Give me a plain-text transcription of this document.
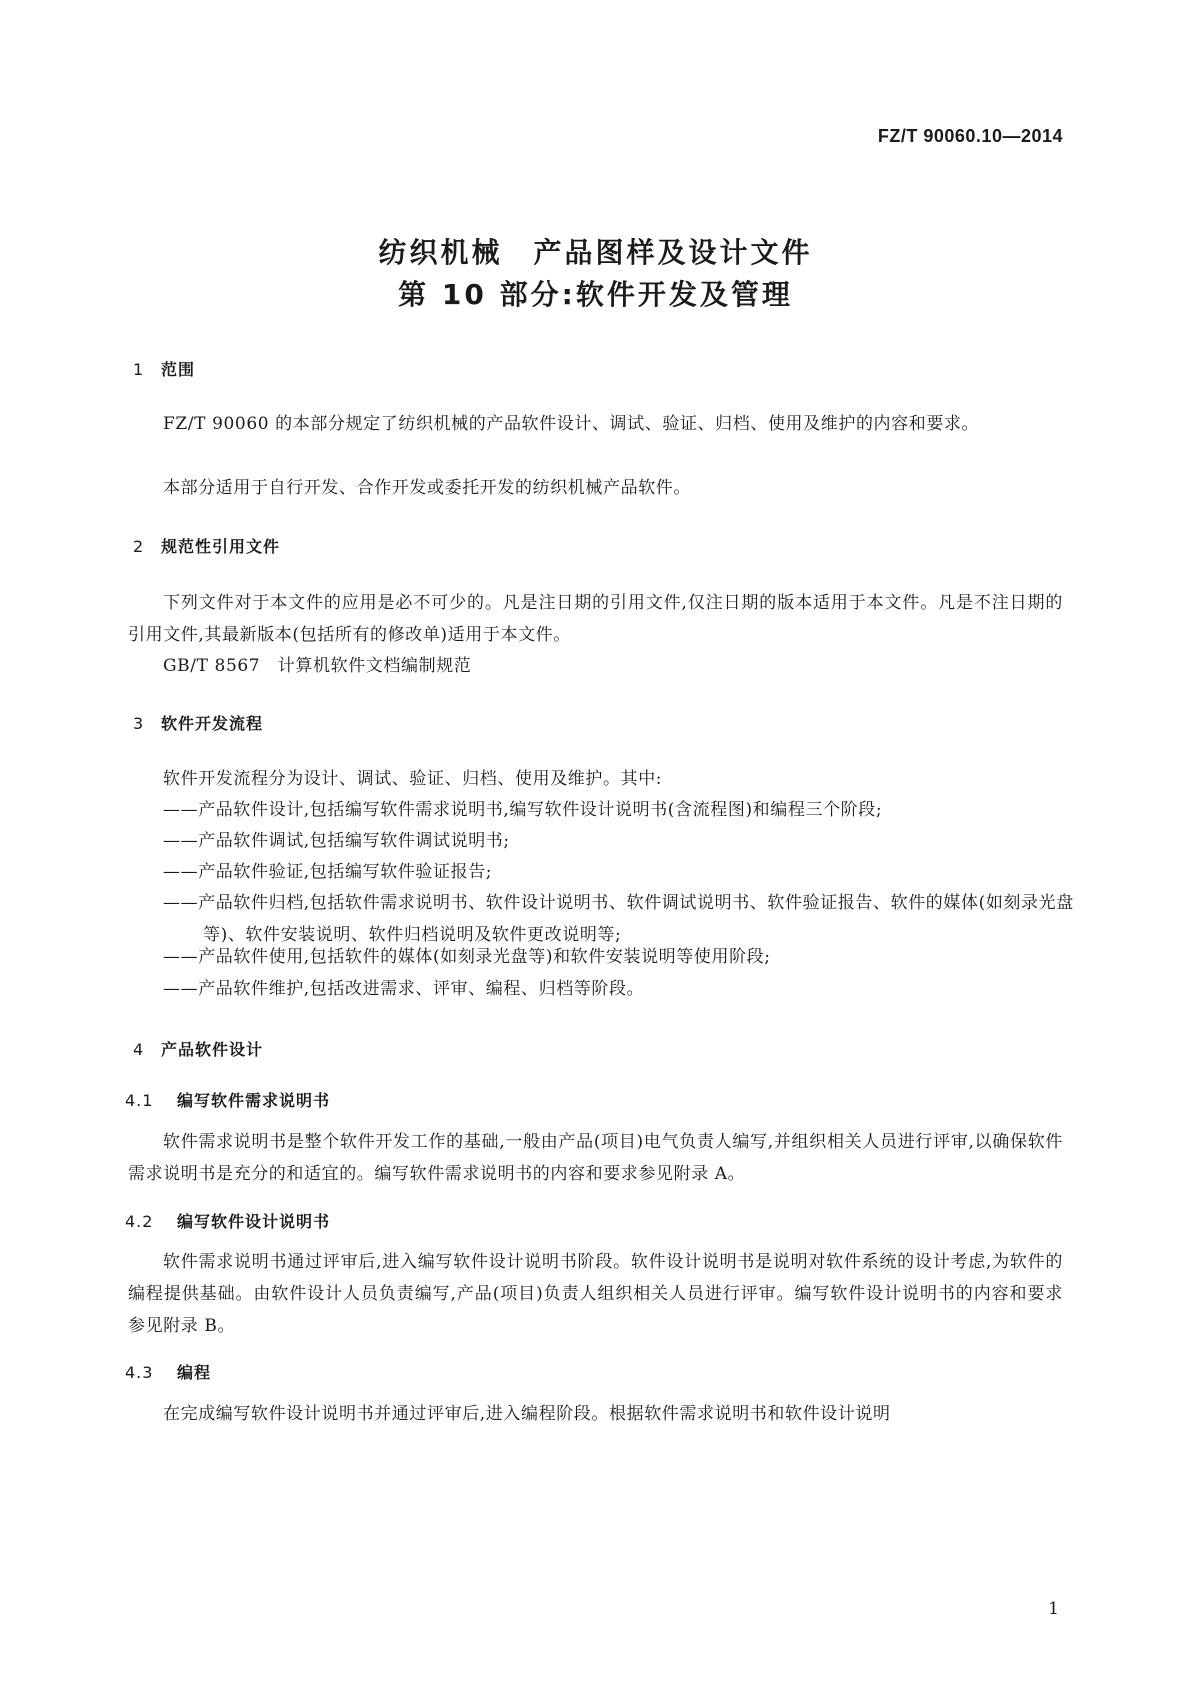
FZ/T 90060.10—2014
纺织机械　产品图样及设计文件
第 10 部分:软件开发及管理
1 范围
FZ/T 90060 的本部分规定了纺织机械的产品软件设计、调试、验证、归档、使用及维护的内容和要求。
本部分适用于自行开发、合作开发或委托开发的纺织机械产品软件。
2 规范性引用文件
下列文件对于本文件的应用是必不可少的。凡是注日期的引用文件,仅注日期的版本适用于本文件。凡是不注日期的引用文件,其最新版本(包括所有的修改单)适用于本文件。
GB/T 8567　计算机软件文档编制规范
3 软件开发流程
软件开发流程分为设计、调试、验证、归档、使用及维护。其中:
——产品软件设计,包括编写软件需求说明书,编写软件设计说明书(含流程图)和编程三个阶段;
——产品软件调试,包括编写软件调试说明书;
——产品软件验证,包括编写软件验证报告;
——产品软件归档,包括软件需求说明书、软件设计说明书、软件调试说明书、软件验证报告、软件的媒体(如刻录光盘等)、软件安装说明、软件归档说明及软件更改说明等;
——产品软件使用,包括软件的媒体(如刻录光盘等)和软件安装说明等使用阶段;
——产品软件维护,包括改进需求、评审、编程、归档等阶段。
4 产品软件设计
4.1 编写软件需求说明书
软件需求说明书是整个软件开发工作的基础,一般由产品(项目)电气负责人编写,并组织相关人员进行评审,以确保软件需求说明书是充分的和适宜的。编写软件需求说明书的内容和要求参见附录 A。
4.2 编写软件设计说明书
软件需求说明书通过评审后,进入编写软件设计说明书阶段。软件设计说明书是说明对软件系统的设计考虑,为软件的编程提供基础。由软件设计人员负责编写,产品(项目)负责人组织相关人员进行评审。编写软件设计说明书的内容和要求参见附录 B。
4.3 编程
在完成编写软件设计说明书并通过评审后,进入编程阶段。根据软件需求说明书和软件设计说明
1
